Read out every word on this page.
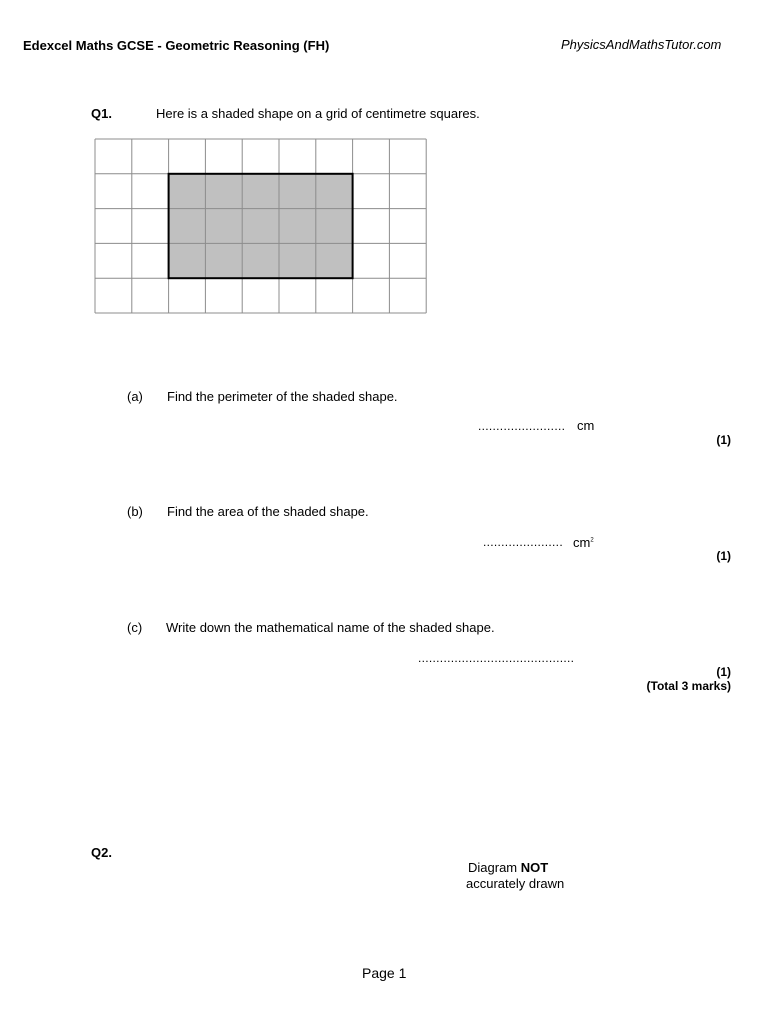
Edexcel Maths GCSE - Geometric Reasoning (FH)	PhysicsAndMathsTutor.com
Q1.	Here is a shaded shape on a grid of centimetre squares.
(a) Find the perimeter of the shaded shape.
........................ cm
(1)
(b) Find the area of the shaded shape.
...................... $cm^2$
(1)
(c) Write down the mathematical name of the shaded shape.
...........................................
(1)
(Total 3 marks)
Q2.
Diagram NOT
accurately drawn
Page 1
